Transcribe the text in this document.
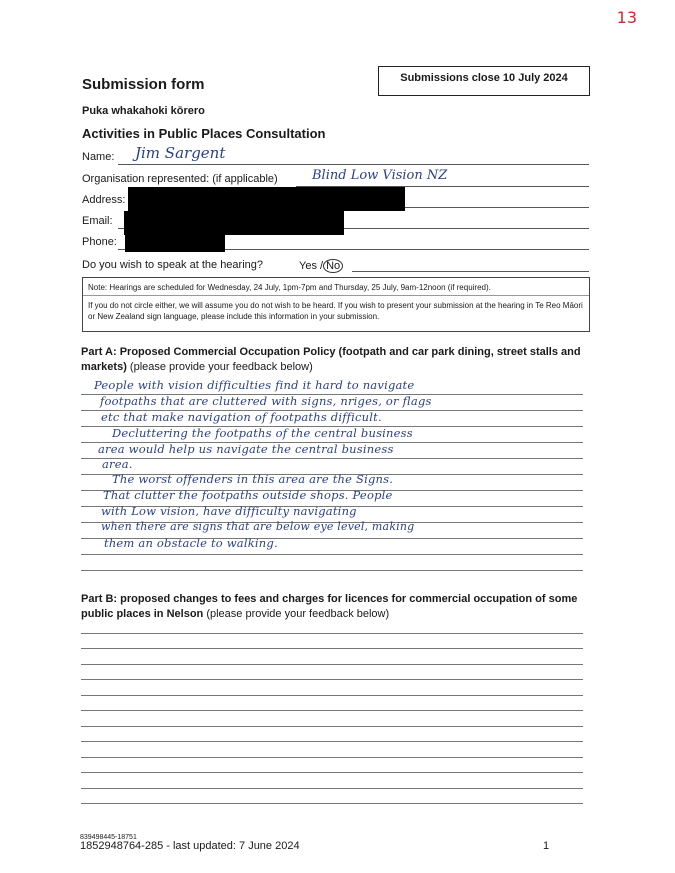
13
Submissions close 10 July 2024
Submission form
Puka whakahoki kōrero
Activities in Public Places Consultation
Name: Jim Sargent
Organisation represented: (if applicable)	Blind Low Vision NZ
Address:
Email:
Phone:
Do you wish to speak at the hearing?	Yes / No
Note: Hearings are scheduled for Wednesday, 24 July, 1pm-7pm and Thursday, 25 July, 9am-12noon (if required).
If you do not circle either, we will assume you do not wish to be heard. If you wish to present your submission at the hearing in Te Reo Māori or New Zealand sign language, please include this information in your submission.
Part A: Proposed Commercial Occupation Policy (footpath and car park dining, street stalls and markets) (please provide your feedback below)
People with vision difficulties find it hard to navigate
footpaths that are cluttered with signs, nriges, or flags
etc that make navigation of footpaths difficult.
Decluttering the footpaths of the central business
area would help us navigate the central business
area.
The worst offenders in this area are the Signs.
That clutter the footpaths outside shops. People
with Low vision, have difficulty navigating
when there are signs that are below eye level, making
them an obstacle to walking.
Part B: proposed changes to fees and charges for licences for commercial occupation of some public places in Nelson (please provide your feedback below)
839498445-18751
1852948764-285 - last updated: 7 June 2024	1
